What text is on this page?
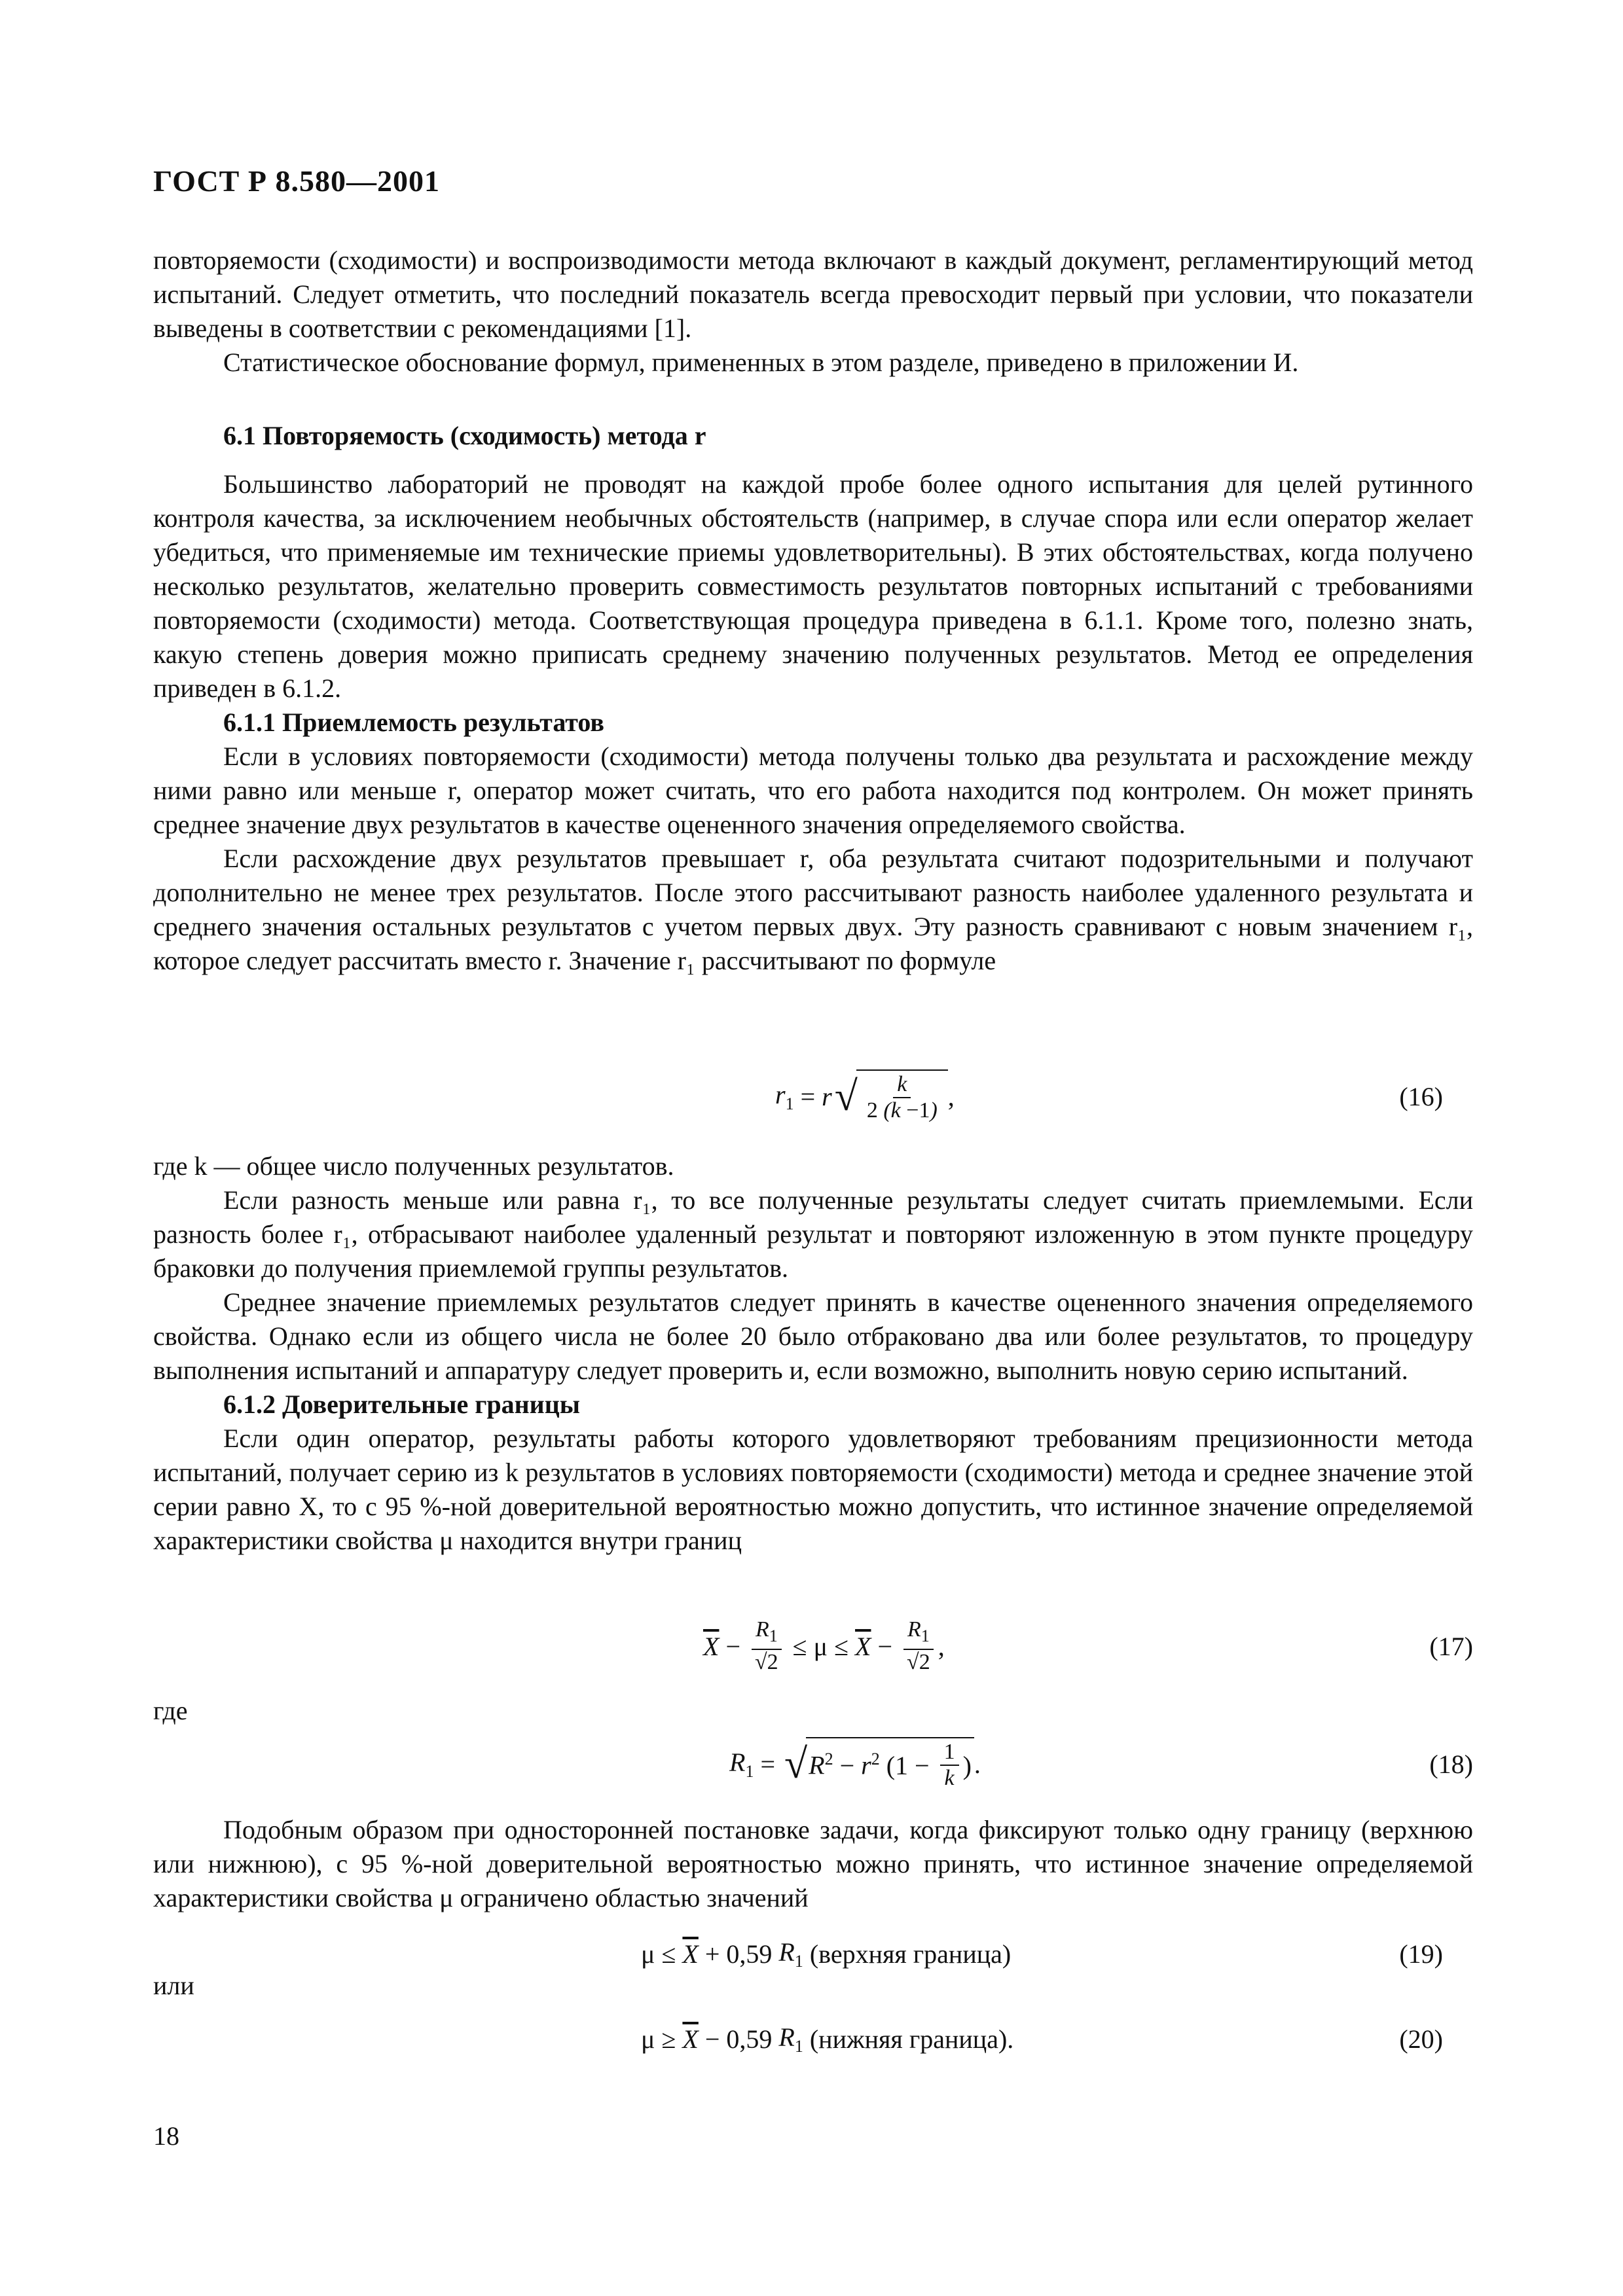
ГОСТ Р 8.580—2001

повторяемости (сходимости) и воспроизводимости метода включают в каждый документ, регламентирующий метод испытаний. Следует отметить, что последний показатель всегда превосходит первый при условии, что показатели выведены в соответствии с рекомендациями [1].

Статистическое обоснование формул, примененных в этом разделе, приведено в приложении И.

6.1 Повторяемость (сходимость) метода r

Большинство лабораторий не проводят на каждой пробе более одного испытания для целей рутинного контроля качества, за исключением необычных обстоятельств (например, в случае спора или если оператор желает убедиться, что применяемые им технические приемы удовлетворительны). В этих обстоятельствах, когда получено несколько результатов, желательно проверить совместимость результатов повторных испытаний с требованиями повторяемости (сходимости) метода. Соответствующая процедура приведена в 6.1.1. Кроме того, полезно знать, какую степень доверия можно приписать среднему значению полученных результатов. Метод ее определения приведен в 6.1.2.

6.1.1 Приемлемость результатов

Если в условиях повторяемости (сходимости) метода получены только два результата и расхождение между ними равно или меньше r, оператор может считать, что его работа находится под контролем. Он может принять среднее значение двух результатов в качестве оцененного значения определяемого свойства.

Если расхождение двух результатов превышает r, оба результата считают подозрительными и получают дополнительно не менее трех результатов. После этого рассчитывают разность наиболее удаленного результата и среднего значения остальных результатов с учетом первых двух. Эту разность сравнивают с новым значением r₁, которое следует рассчитать вместо r. Значение r₁ рассчитывают по формуле

$r_1 = r$ √ $\frac{k}{2 (k -1)}$ ,	(16)

где k — общее число полученных результатов.

Если разность меньше или равна r₁, то все полученные результаты следует считать приемлемыми. Если разность более r₁, отбрасывают наиболее удаленный результат и повторяют изложенную в этом пункте процедуру браковки до получения приемлемой группы результатов.

Среднее значение приемлемых результатов следует принять в качестве оцененного значения определяемого свойства. Однако если из общего числа не более 20 было отбраковано два или более результатов, то процедуру выполнения испытаний и аппаратуру следует проверить и, если возможно, выполнить новую серию испытаний.

6.1.2 Доверительные границы

Если один оператор, результаты работы которого удовлетворяют требованиям прецизионности метода испытаний, получает серию из k результатов в условиях повторяемости (сходимости) метода и среднее значение этой серии равно X, то с 95 %-ной доверительной вероятностью можно допустить, что истинное значение определяемой характеристики свойства μ находится внутри границ

$\overline{X} - \frac{R_1}{√2} \le \mu \le \overline{X} - \frac{R_1}{√2}$ ,	(17)
где
$R_1$ = √ $R^2 - r^2$ ($1 - \frac{1}{k}$ ) .	(18)

Подобным образом при односторонней постановке задачи, когда фиксируют только одну границу (верхнюю или нижнюю), с 95 %-ной доверительной вероятностью можно принять, что истинное значение определяемой характеристики свойства μ ограничено областью значений

$\mu \le \overline{X} + 0,59$ $R_1$
(верхняя граница)	(19)
или
$\mu \ge \overline{X} - 0,59$ $R_1$
(нижняя граница).	(20)
18
